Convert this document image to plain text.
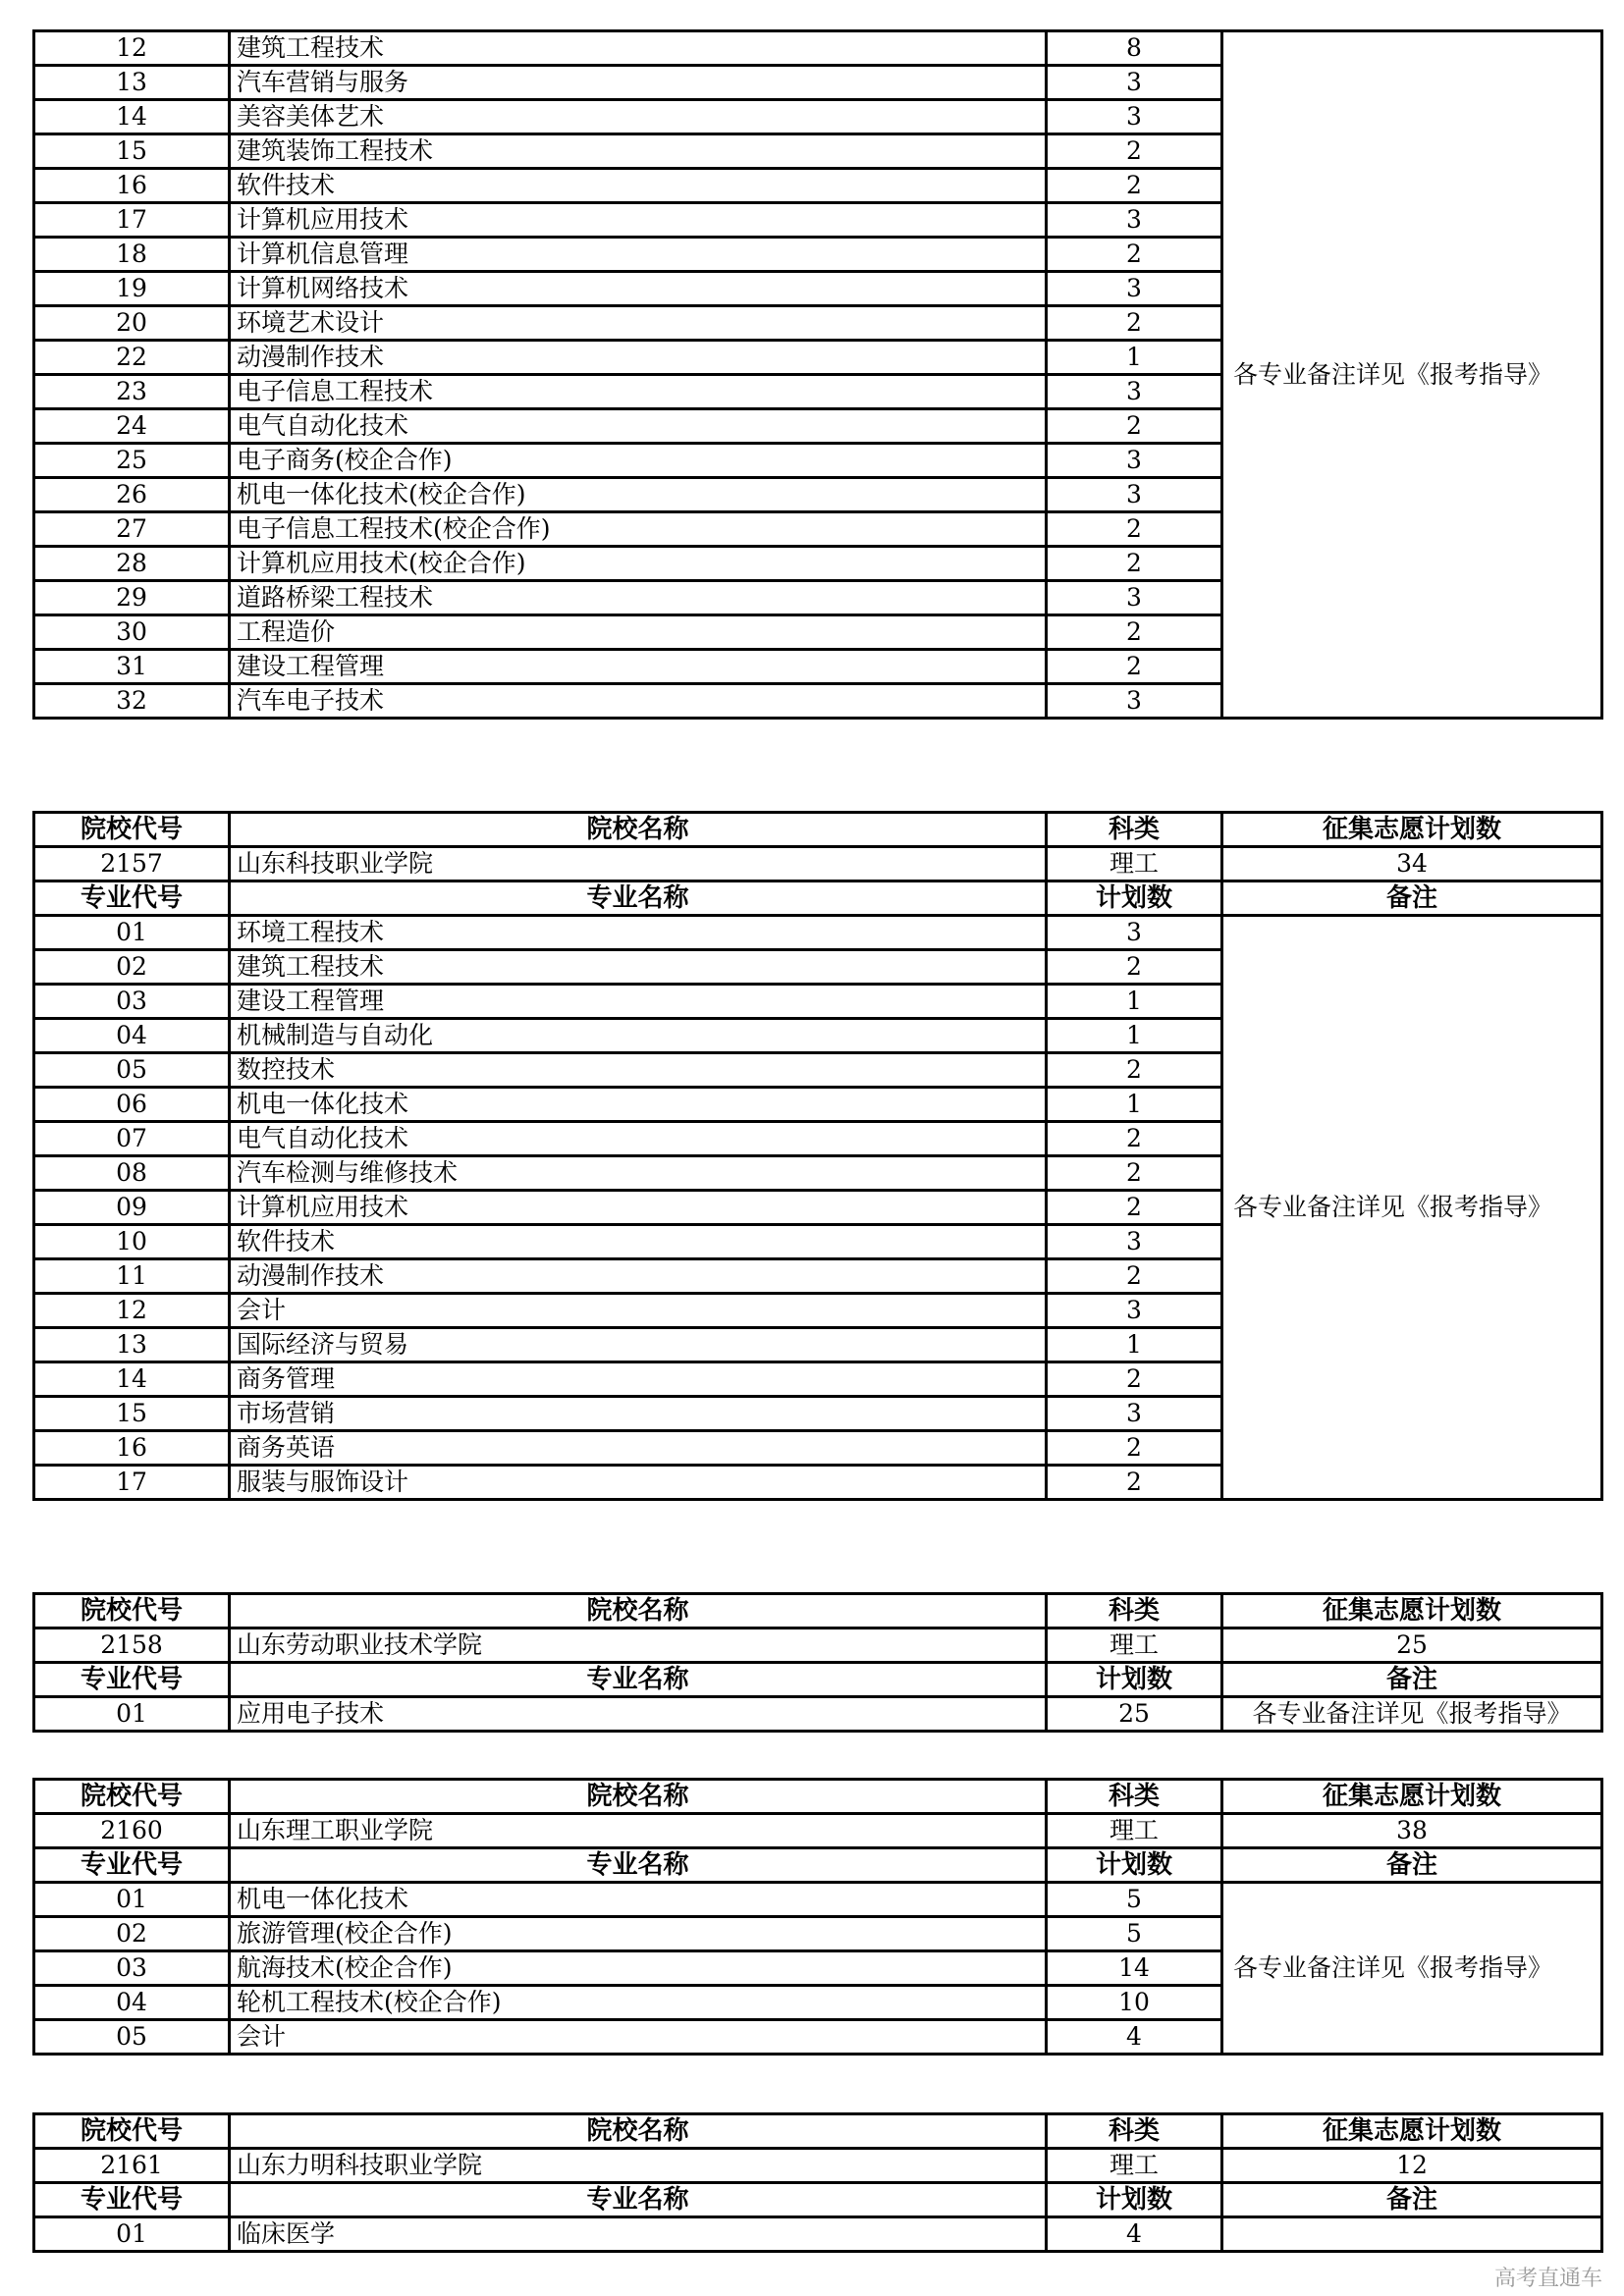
12	建筑工程技术	8	各专业备注详见《报考指导》
13	汽车营销与服务	3	
14	美容美体艺术	3	
15	建筑装饰工程技术	2	
16	软件技术	2	
17	计算机应用技术	3	
18	计算机信息管理	2	
19	计算机网络技术	3	
20	环境艺术设计	2	
22	动漫制作技术	1	
23	电子信息工程技术	3	
24	电气自动化技术	2	
25	电子商务(校企合作)	3	
26	机电一体化技术(校企合作)	3	
27	电子信息工程技术(校企合作)	2	
28	计算机应用技术(校企合作)	2	
29	道路桥梁工程技术	3	
30	工程造价	2	
31	建设工程管理	2	
32	汽车电子技术	3	
院校代号	院校名称	科类	征集志愿计划数
2157	山东科技职业学院	理工	34
专业代号	专业名称	计划数	备注
01	环境工程技术	3	各专业备注详见《报考指导》
02	建筑工程技术	2	
03	建设工程管理	1	
04	机械制造与自动化	1	
05	数控技术	2	
06	机电一体化技术	1	
07	电气自动化技术	2	
08	汽车检测与维修技术	2	
09	计算机应用技术	2	
10	软件技术	3	
11	动漫制作技术	2	
12	会计	3	
13	国际经济与贸易	1	
14	商务管理	2	
15	市场营销	3	
16	商务英语	2	
17	服装与服饰设计	2	
院校代号	院校名称	科类	征集志愿计划数
2158	山东劳动职业技术学院	理工	25
专业代号	专业名称	计划数	备注
01	应用电子技术	25	各专业备注详见《报考指导》
院校代号	院校名称	科类	征集志愿计划数
2160	山东理工职业学院	理工	38
专业代号	专业名称	计划数	备注
01	机电一体化技术	5	各专业备注详见《报考指导》
02	旅游管理(校企合作)	5	
03	航海技术(校企合作)	14	
04	轮机工程技术(校企合作)	10	
05	会计	4	
院校代号	院校名称	科类	征集志愿计划数
2161	山东力明科技职业学院	理工	12
专业代号	专业名称	计划数	备注
01	临床医学	4	
高考直通车
